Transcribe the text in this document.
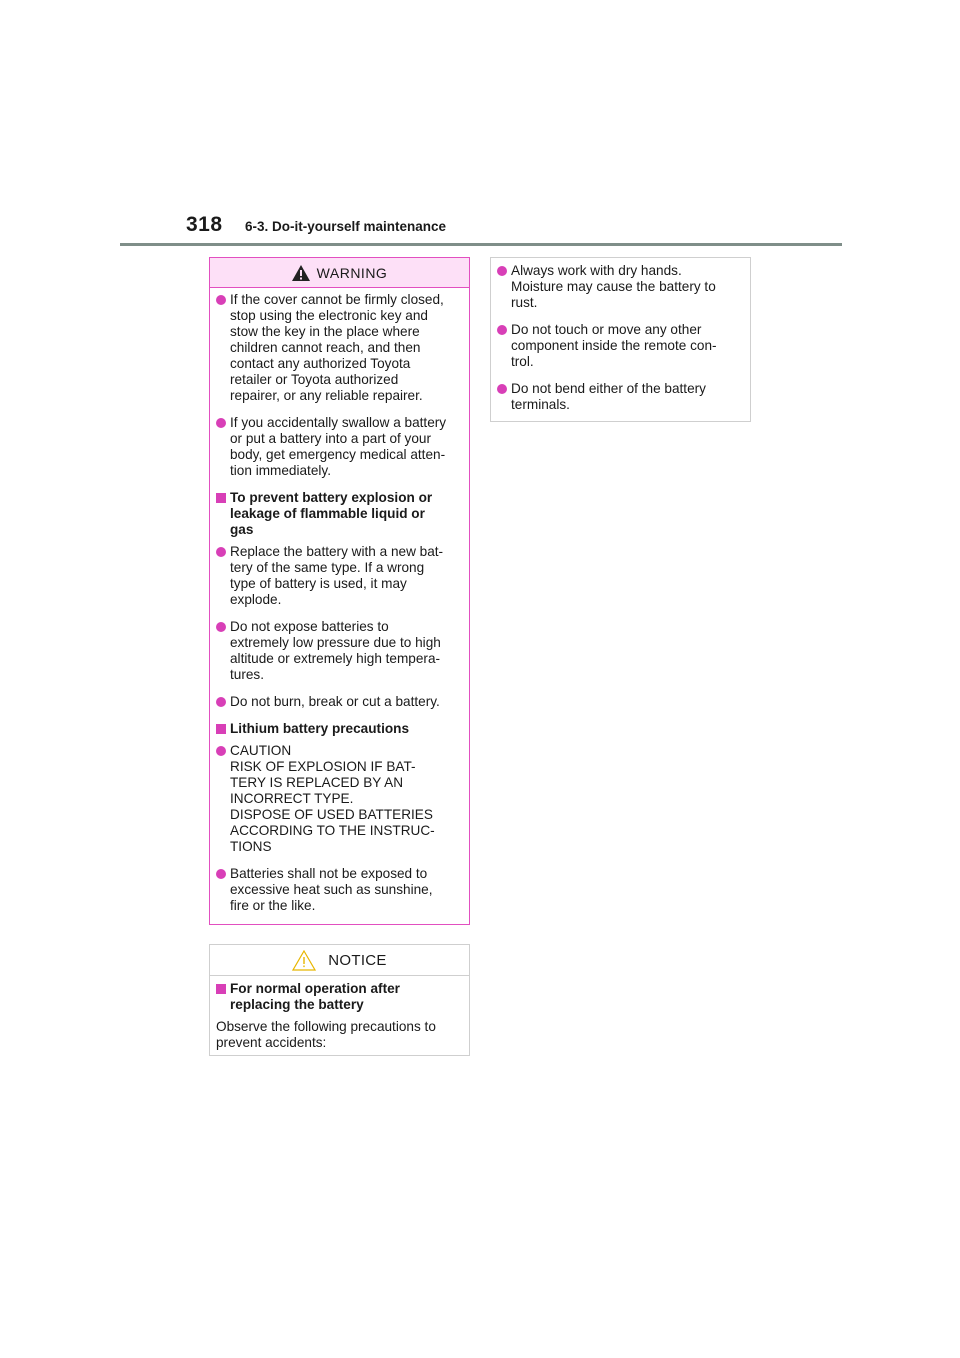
318 6-3. Do-it-yourself maintenance
WARNING
If the cover cannot be firmly closed,
stop using the electronic key and
stow the key in the place where
children cannot reach, and then
contact any authorized Toyota
retailer or Toyota authorized
repairer, or any reliable repairer.
If you accidentally swallow a battery
or put a battery into a part of your
body, get emergency medical atten-
tion immediately.
To prevent battery explosion or
leakage of flammable liquid or
gas
Replace the battery with a new bat-
tery of the same type. If a wrong
type of battery is used, it may
explode.
Do not expose batteries to
extremely low pressure due to high
altitude or extremely high tempera-
tures.
Do not burn, break or cut a battery.
Lithium battery precautions
CAUTION
RISK OF EXPLOSION IF BAT-
TERY IS REPLACED BY AN
INCORRECT TYPE.
DISPOSE OF USED BATTERIES
ACCORDING TO THE INSTRUC-
TIONS
Batteries shall not be exposed to
excessive heat such as sunshine,
fire or the like.
Always work with dry hands.
Moisture may cause the battery to
rust.
Do not touch or move any other
component inside the remote con-
trol.
Do not bend either of the battery
terminals.
NOTICE
For normal operation after
replacing the battery
Observe the following precautions to
prevent accidents:
